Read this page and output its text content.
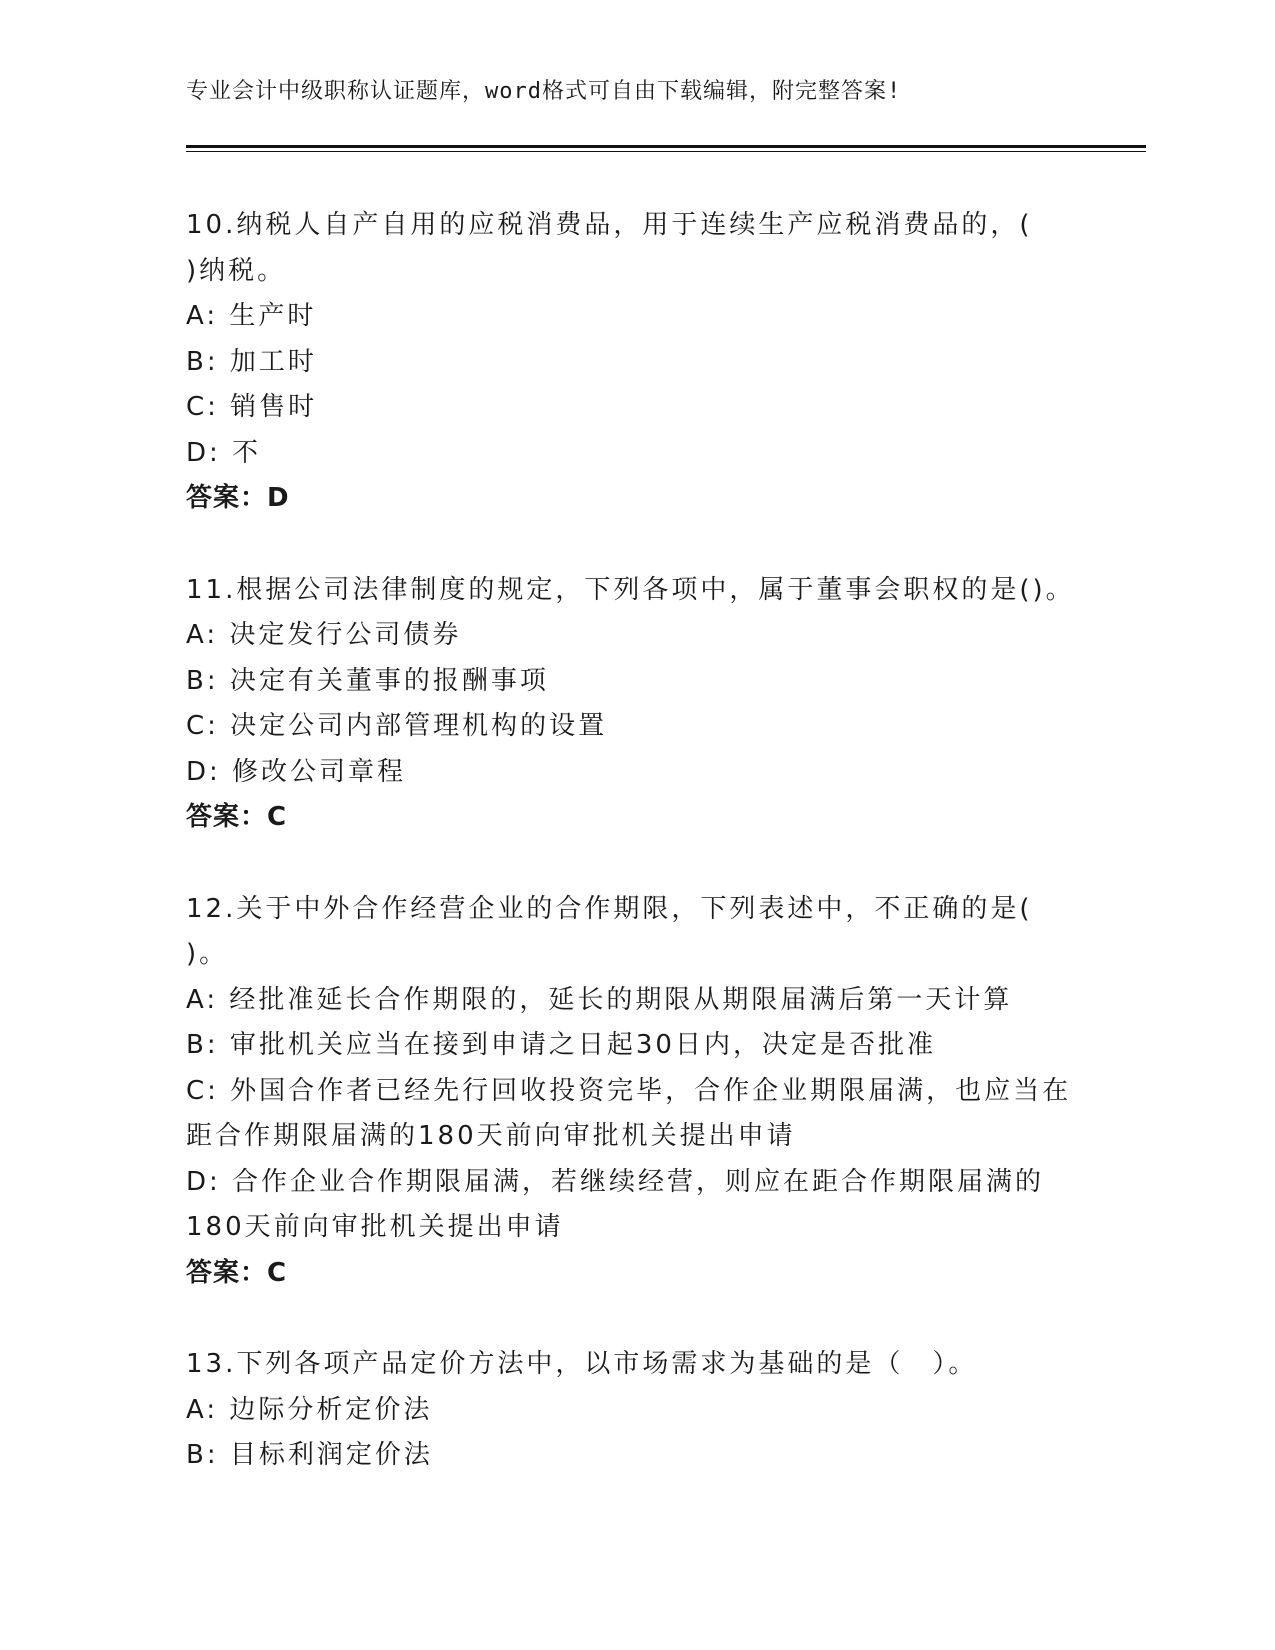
专业会计中级职称认证题库，word格式可自由下载编辑，附完整答案!
10.纳税人自产自用的应税消费品，用于连续生产应税消费品的，(
)纳税。
A: 生产时
B: 加工时
C: 销售时
D: 不
答案：D
11.根据公司法律制度的规定，下列各项中，属于董事会职权的是()。
A: 决定发行公司债券
B: 决定有关董事的报酬事项
C: 决定公司内部管理机构的设置
D: 修改公司章程
答案：C
12.关于中外合作经营企业的合作期限，下列表述中，不正确的是(
)。
A: 经批准延长合作期限的，延长的期限从期限届满后第一天计算
B: 审批机关应当在接到申请之日起30日内，决定是否批准
C: 外国合作者已经先行回收投资完毕，合作企业期限届满，也应当在
距合作期限届满的180天前向审批机关提出申请
D: 合作企业合作期限届满，若继续经营，则应在距合作期限届满的
180天前向审批机关提出申请
答案：C
13.下列各项产品定价方法中，以市场需求为基础的是（　）。
A: 边际分析定价法
B: 目标利润定价法
